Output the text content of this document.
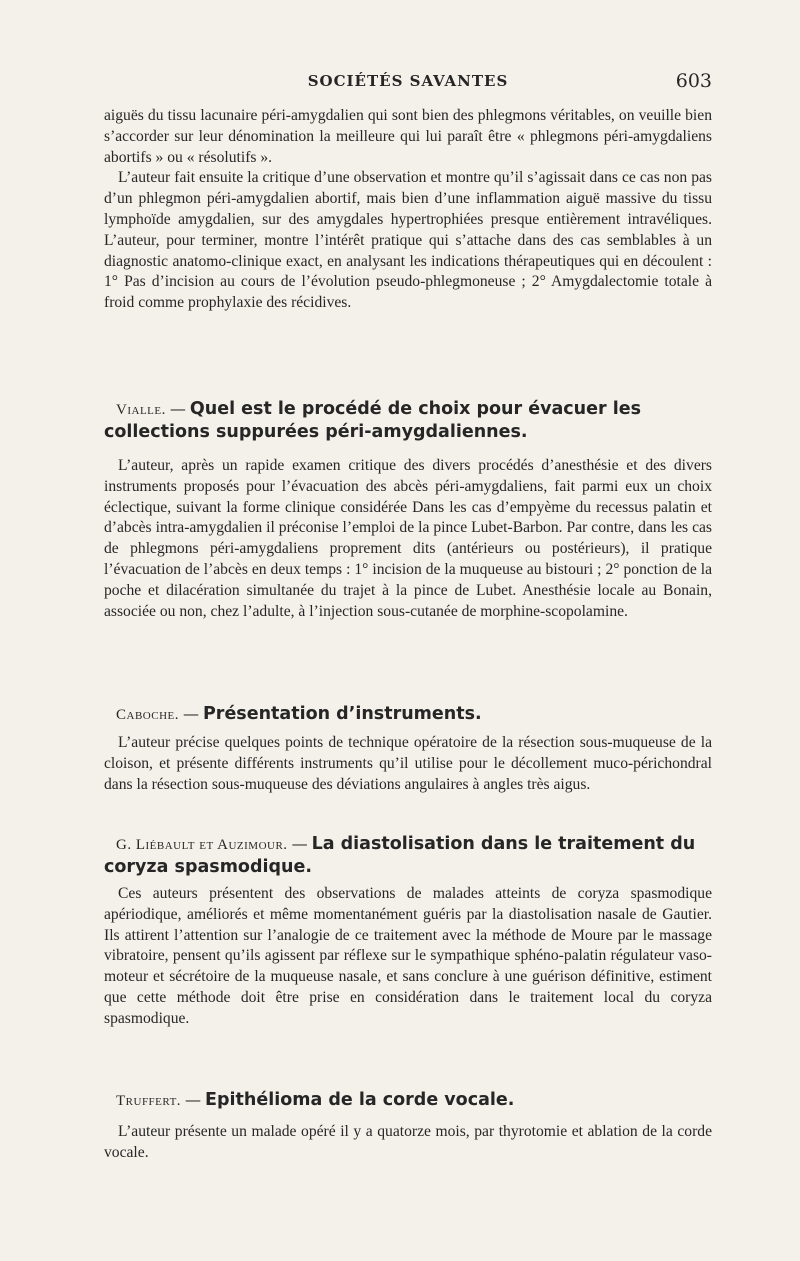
SOCIÉTÉS SAVANTES	603

aiguës du tissu lacunaire péri-amygdalien qui sont bien des phlegmons véritables, on veuille bien s’accorder sur leur dénomination la meilleure qui lui paraît être « phlegmons péri-amygdaliens abortifs » ou « résolutifs ».

L’auteur fait ensuite la critique d’une observation et montre qu’il s’agissait dans ce cas non pas d’un phlegmon péri-amygdalien abortif, mais bien d’une inflammation aiguë massive du tissu lymphoïde amygdalien, sur des amygdales hypertrophiées presque entièrement intravéliques. L’auteur, pour terminer, montre l’intérêt pratique qui s’attache dans des cas semblables à un diagnostic anatomo-clinique exact, en analysant les indications thérapeutiques qui en découlent : 1° Pas d’incision au cours de l’évolution pseudo-phlegmoneuse ; 2° Amygdalectomie totale à froid comme prophylaxie des récidives.

Vialle. — Quel est le procédé de choix pour évacuer les collections suppurées péri-amygdaliennes.

L’auteur, après un rapide examen critique des divers procédés d’anesthésie et des divers instruments proposés pour l’évacuation des abcès péri-amygdaliens, fait parmi eux un choix éclectique, suivant la forme clinique considérée Dans les cas d’empyème du recessus palatin et d’abcès intra-amygdalien il préconise l’emploi de la pince Lubet-Barbon. Par contre, dans les cas de phlegmons péri-amygdaliens proprement dits (antérieurs ou postérieurs), il pratique l’évacuation de l’abcès en deux temps : 1° incision de la muqueuse au bistouri ; 2° ponction de la poche et dilacération simultanée du trajet à la pince de Lubet. Anesthésie locale au Bonain, associée ou non, chez l’adulte, à l’injection sous-cutanée de morphine-scopolamine.

Caboche. — Présentation d’instruments.

L’auteur précise quelques points de technique opératoire de la résection sous-muqueuse de la cloison, et présente différents instruments qu’il utilise pour le décollement muco-périchondral dans la résection sous-muqueuse des déviations angulaires à angles très aigus.

G. Liébault et Auzimour. — La diastolisation dans le traitement du coryza spasmodique.

Ces auteurs présentent des observations de malades atteints de coryza spasmodique apériodique, améliorés et même momentanément guéris par la diastolisation nasale de Gautier. Ils attirent l’attention sur l’analogie de ce traitement avec la méthode de Moure par le massage vibratoire, pensent qu’ils agissent par réflexe sur le sympathique sphéno-palatin régulateur vaso-moteur et sécrétoire de la muqueuse nasale, et sans conclure à une guérison définitive, estiment que cette méthode doit être prise en considération dans le traitement local du coryza spasmodique.

Truffert. — Epithélioma de la corde vocale.

L’auteur présente un malade opéré il y a quatorze mois, par thyrotomie et ablation de la corde vocale.
